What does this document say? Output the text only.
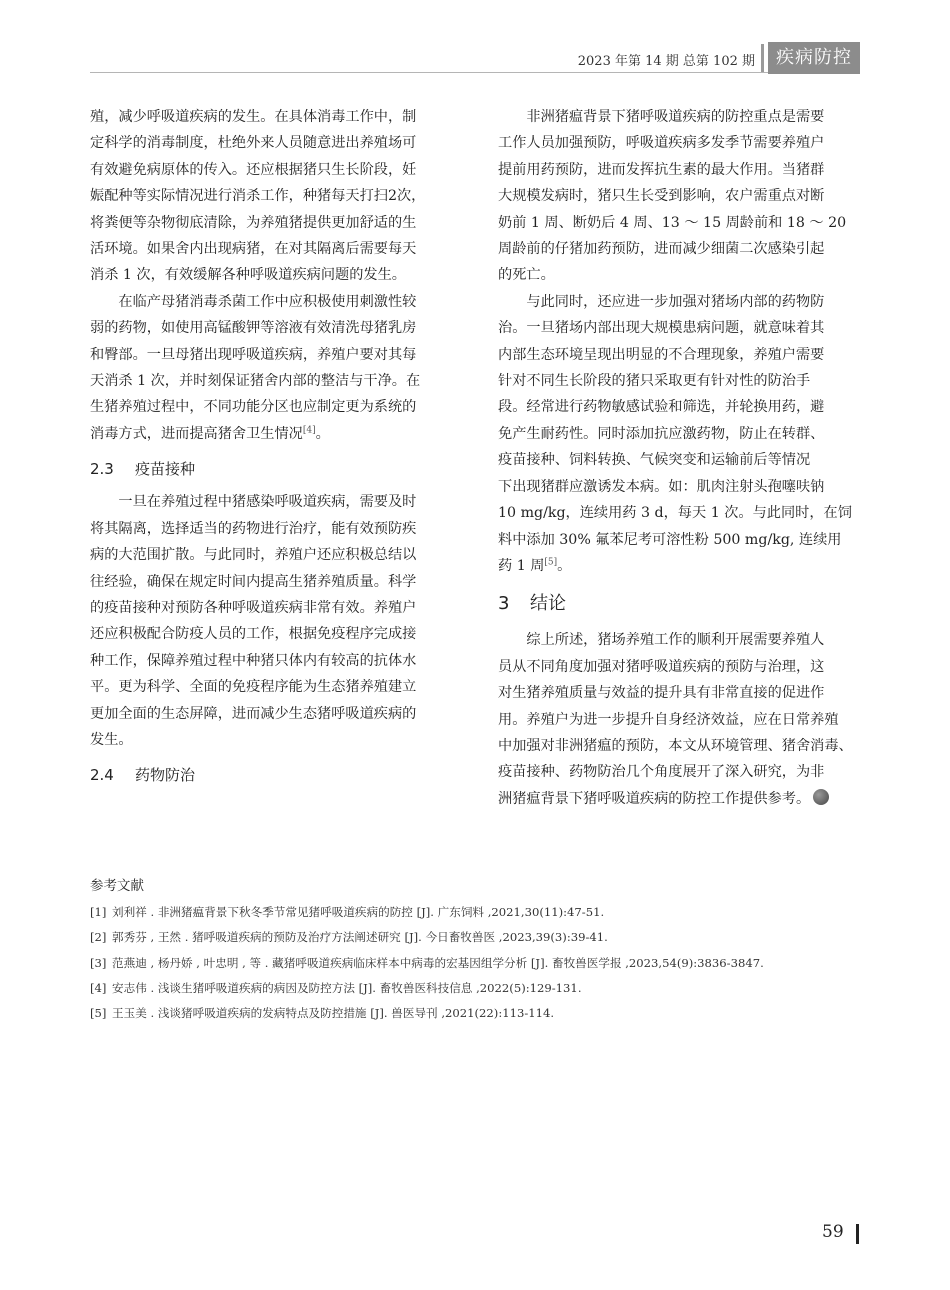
2023 年第 14 期 总第 102 期	疾病防控

殖，减少呼吸道疾病的发生。在具体消毒工作中，制
定科学的消毒制度，杜绝外来人员随意进出养殖场可
有效避免病原体的传入。还应根据猪只生长阶段，妊
娠配种等实际情况进行消杀工作，种猪每天打扫2次，
将粪便等杂物彻底清除，为养殖猪提供更加舒适的生
活环境。如果舍内出现病猪，在对其隔离后需要每天
消杀 1 次，有效缓解各种呼吸道疾病问题的发生。

在临产母猪消毒杀菌工作中应积极使用刺激性较
弱的药物，如使用高锰酸钾等溶液有效清洗母猪乳房
和臀部。一旦母猪出现呼吸道疾病，养殖户要对其每
天消杀 1 次，并时刻保证猪舍内部的整洁与干净。在
生猪养殖过程中，不同功能分区也应制定更为系统的
消毒方式，进而提高猪舍卫生情况[4]。

2.3 疫苗接种

一旦在养殖过程中猪感染呼吸道疾病，需要及时
将其隔离，选择适当的药物进行治疗，能有效预防疾
病的大范围扩散。与此同时，养殖户还应积极总结以
往经验，确保在规定时间内提高生猪养殖质量。科学
的疫苗接种对预防各种呼吸道疾病非常有效。养殖户
还应积极配合防疫人员的工作，根据免疫程序完成接
种工作，保障养殖过程中种猪只体内有较高的抗体水
平。更为科学、全面的免疫程序能为生态猪养殖建立
更加全面的生态屏障，进而减少生态猪呼吸道疾病的
发生。

2.4 药物防治

非洲猪瘟背景下猪呼吸道疾病的防控重点是需要
工作人员加强预防，呼吸道疾病多发季节需要养殖户
提前用药预防，进而发挥抗生素的最大作用。当猪群
大规模发病时，猪只生长受到影响，农户需重点对断
奶前 1 周、断奶后 4 周、13 ～ 15 周龄前和 18 ～ 20
周龄前的仔猪加药预防，进而减少细菌二次感染引起
的死亡。

与此同时，还应进一步加强对猪场内部的药物防
治。一旦猪场内部出现大规模患病问题，就意味着其
内部生态环境呈现出明显的不合理现象，养殖户需要
针对不同生长阶段的猪只采取更有针对性的防治手
段。经常进行药物敏感试验和筛选，并轮换用药，避
免产生耐药性。同时添加抗应激药物，防止在转群、
疫苗接种、饲料转换、气候突变和运输前后等情况
下出现猪群应激诱发本病。如：肌肉注射头孢噻呋钠
10 mg/kg，连续用药 3 d，每天 1 次。与此同时，在饲
料中添加 30% 氟苯尼考可溶性粉 500 mg/kg, 连续用
药 1 周[5]。

3 结论

综上所述，猪场养殖工作的顺利开展需要养殖人
员从不同角度加强对猪呼吸道疾病的预防与治理，这
对生猪养殖质量与效益的提升具有非常直接的促进作
用。养殖户为进一步提升自身经济效益，应在日常养殖
中加强对非洲猪瘟的预防，本文从环境管理、猪舍消毒、
疫苗接种、药物防治几个角度展开了深入研究，为非
洲猪瘟背景下猪呼吸道疾病的防控工作提供参考。

参考文献
[1] 刘利祥 . 非洲猪瘟背景下秋冬季节常见猪呼吸道疾病的防控 [J]. 广东饲料 ,2021,30(11):47-51.
[2] 郭秀芬 , 王然 . 猪呼吸道疾病的预防及治疗方法阐述研究 [J]. 今日畜牧兽医 ,2023,39(3):39-41.
[3] 范燕迪 , 杨丹娇 , 叶忠明 , 等 . 藏猪呼吸道疾病临床样本中病毒的宏基因组学分析 [J]. 畜牧兽医学报 ,2023,54(9):3836-3847.
[4] 安志伟 . 浅谈生猪呼吸道疾病的病因及防控方法 [J]. 畜牧兽医科技信息 ,2022(5):129-131.
[5] 王玉美 . 浅谈猪呼吸道疾病的发病特点及防控措施 [J]. 兽医导刊 ,2021(22):113-114.
59
